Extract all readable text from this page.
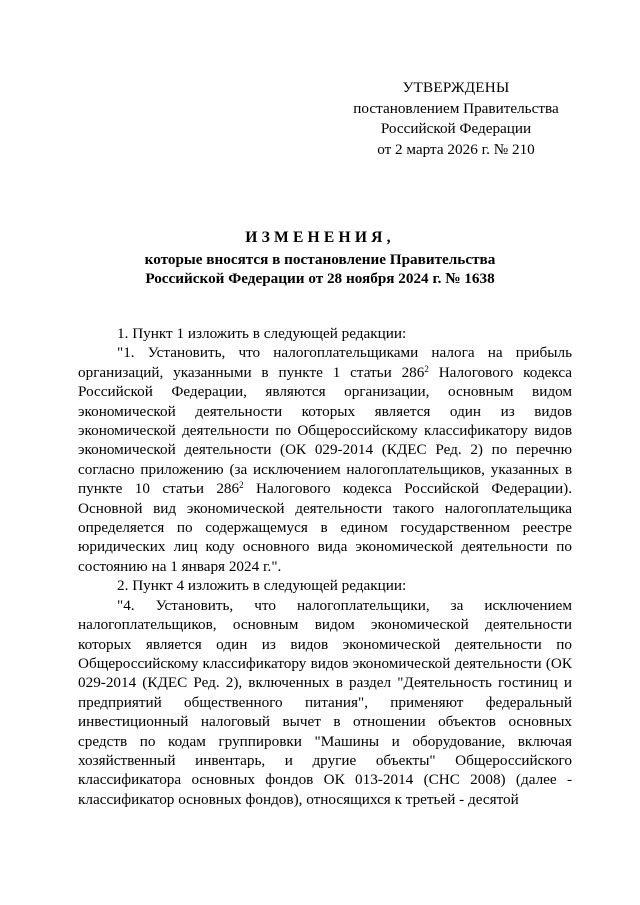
УТВЕРЖДЕНЫ
постановлением Правительства
Российской Федерации
от 2 марта 2026 г. № 210
ИЗМЕНЕНИЯ,
которые вносятся в постановление Правительства
Российской Федерации от 28 ноября 2024 г. № 1638
1. Пункт 1 изложить в следующей редакции:
"1. Установить, что налогоплательщиками налога на прибыль организаций, указанными в пункте 1 статьи $286^2$ Налогового кодекса Российской Федерации, являются организации, основным видом экономической деятельности которых является один из видов экономической деятельности по Общероссийскому классификатору видов экономической деятельности (ОК 029-2014 (КДЕС Ред. 2) по перечню согласно приложению (за исключением налогоплательщиков, указанных в пункте 10 статьи $286^2$ Налогового кодекса Российской Федерации). Основной вид экономической деятельности такого налогоплательщика определяется по содержащемуся в едином государственном реестре юридических лиц коду основного вида экономической деятельности по состоянию на 1 января 2024 г.".
2. Пункт 4 изложить в следующей редакции:
"4. Установить, что налогоплательщики, за исключением налогоплательщиков, основным видом экономической деятельности которых является один из видов экономической деятельности по Общероссийскому классификатору видов экономической деятельности (ОК 029-2014 (КДЕС Ред. 2), включенных в раздел "Деятельность гостиниц и предприятий общественного питания", применяют федеральный инвестиционный налоговый вычет в отношении объектов основных средств по кодам группировки "Машины и оборудование, включая хозяйственный инвентарь, и другие объекты" Общероссийского классификатора основных фондов ОК 013-2014 (СНС 2008) (далее - классификатор основных фондов), относящихся к третьей - десятой
